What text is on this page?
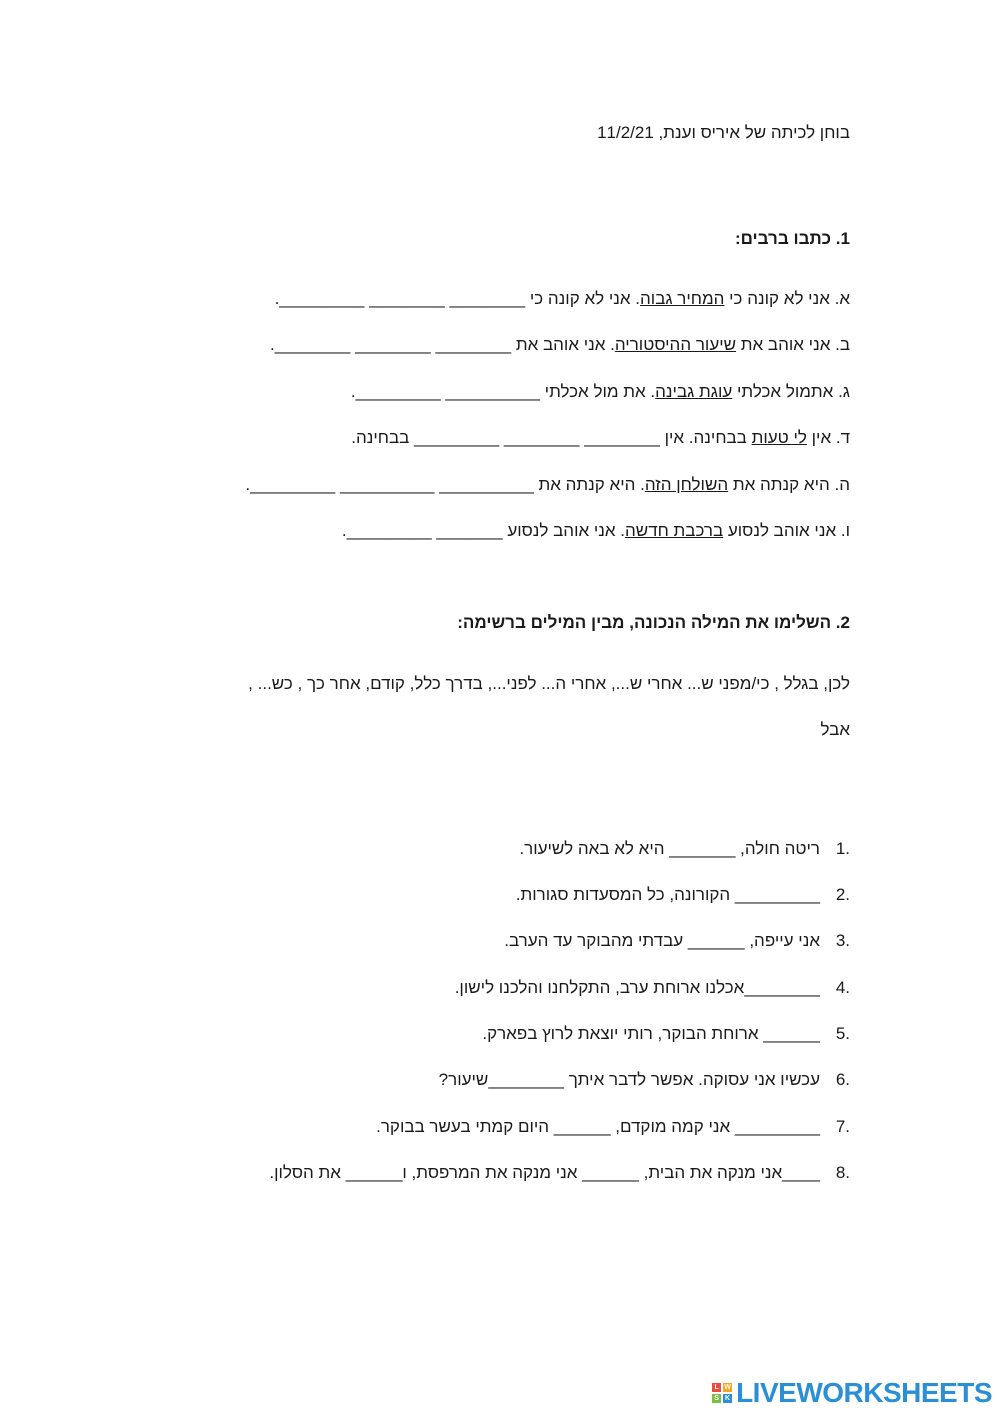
בוחן לכיתה של איריס וענת, 11/2/21
1. כתבו ברבים:
א. אני לא קונה כי המחיר גבוה. אני לא קונה כי ________ ________ _________.
ב. אני אוהב את שיעור ההיסטוריה. אני אוהב את ________ ________ ________.
ג. אתמול אכלתי עוגת גבינה. את מול אכלתי __________ _________.
ד. אין לי טעות בבחינה. אין ________ ________ _________ בבחינה.
ה. היא קנתה את השולחן הזה. היא קנתה את __________ __________ _________.
ו. אני אוהב לנסוע ברכבת חדשה. אני אוהב לנסוע _______ _________.
2. השלימו את המילה הנכונה, מבין המילים ברשימה:
לכן, בגלל , כי/מפני ש... אחרי ש..., אחרי ה... לפני..., בדרך כלל, קודם, אחר כך , כש... ,
אבל
1.
ריטה חולה, _______ היא לא באה לשיעור.
2.
_________ הקורונה, כל המסעדות סגורות.
3.
אני עייפה, ______ עבדתי מהבוקר עד הערב.
4.
________אכלנו ארוחת ערב, התקלחנו והלכנו לישון.
5.
______ ארוחת הבוקר, רותי יוצאת לרוץ בפארק.
6.
עכשיו אני עסוקה. אפשר לדבר איתך ________שיעור?
7.
_________ אני קמה מוקדם, ______ היום קמתי בעשר בבוקר.
8.
____אני מנקה את הבית, ______ אני מנקה את המרפסת, ו______ את הסלון.
L W
S K LIVEWORKSHEETS
